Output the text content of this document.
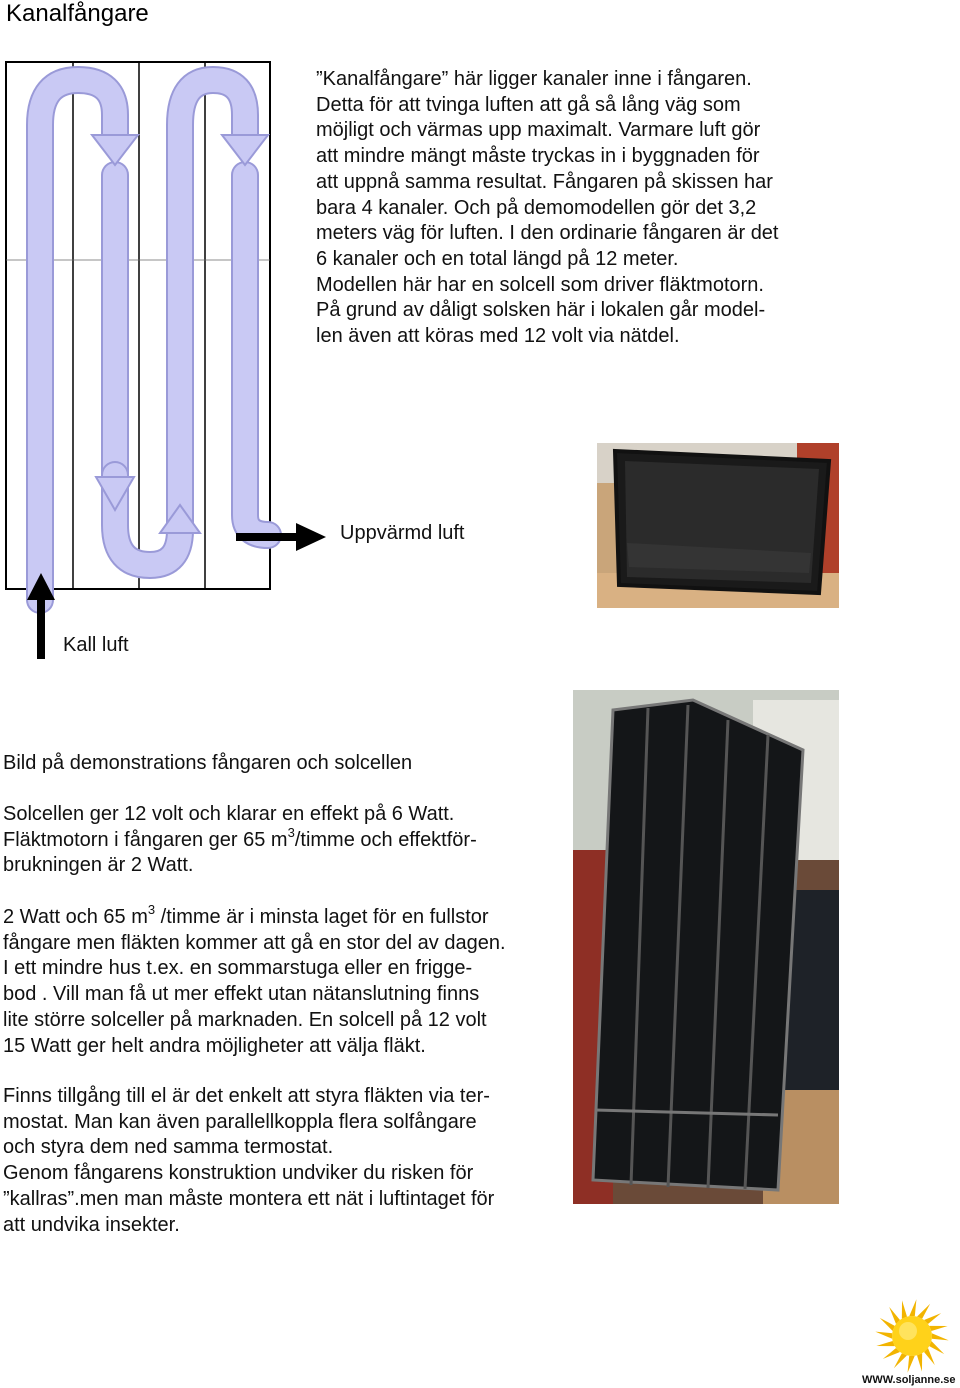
Kanalfångare
Uppvärmd luft
Kall luft

”Kanalfångare” här ligger kanaler inne i fångaren.

Detta för att tvinga luften att gå så lång väg som

möjligt och värmas upp maximalt. Varmare luft gör

att mindre mängt måste tryckas in i byggnaden för

att uppnå samma resultat. Fångaren på skissen har

bara 4 kanaler. Och på demomodellen gör det 3,2

meters väg för luften. I den ordinarie fångaren är det

6 kanaler och en total längd på 12 meter.

Modellen här har en solcell som driver fläktmotorn.

På grund av dåligt solsken här i lokalen går model-

len även att köras med 12 volt via nätdel.

Bild på demonstrations fångaren och solcellen

Solcellen ger 12 volt och klarar en effekt på 6 Watt.

Fläktmotorn i fångaren ger 65 $m^3$/timme och effektför-

brukningen är 2 Watt.

2 Watt och 65 $m^3$ /timme är i minsta laget för en fullstor

fångare men fläkten kommer att gå en stor del av dagen.

I ett mindre hus t.ex. en sommarstuga eller en frigge-

bod . Vill man få ut mer effekt utan nätanslutning finns

lite större solceller på marknaden. En solcell på 12 volt

15 Watt ger helt andra möjligheter att välja fläkt.

Finns tillgång till el är det enkelt att styra fläkten via ter-

mostat. Man kan även parallellkoppla flera solfångare

och styra dem ned samma termostat.

Genom fångarens konstruktion undviker du risken för

”kallras”.men man måste montera ett nät i luftintaget för

att undvika insekter.

WWW.soljanne.se
